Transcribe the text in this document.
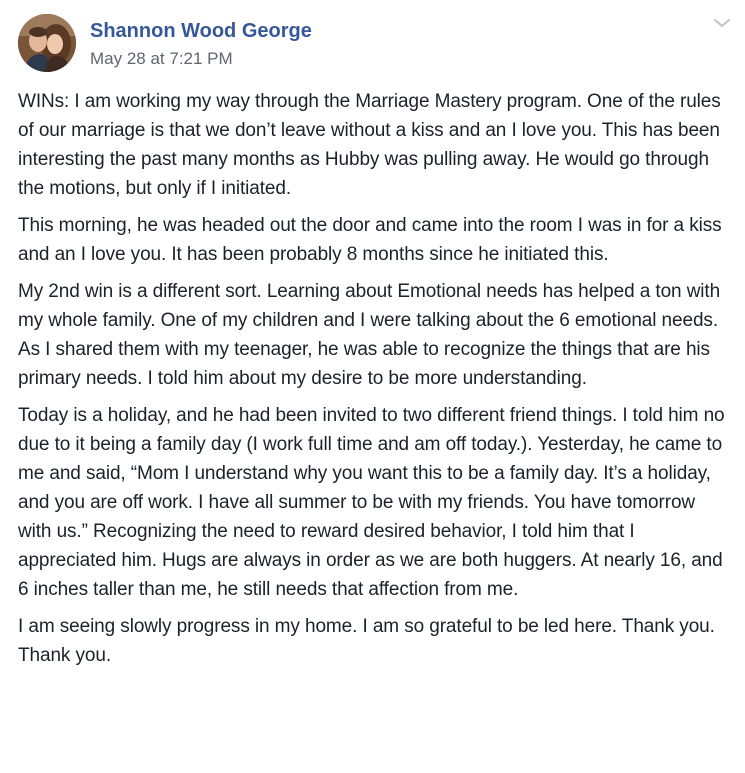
Shannon Wood George
May 28 at 7:21 PM

WINs: I am working my way through the Marriage Mastery program. One of the rules of our marriage is that we don’t leave without a kiss and an I love you. This has been interesting the past many months as Hubby was pulling away. He would go through the motions, but only if I initiated.

This morning, he was headed out the door and came into the room I was in for a kiss and an I love you. It has been probably 8 months since he initiated this.

My 2nd win is a different sort. Learning about Emotional needs has helped a ton with my whole family. One of my children and I were talking about the 6 emotional needs. As I shared them with my teenager, he was able to recognize the things that are his primary needs. I told him about my desire to be more understanding.

Today is a holiday, and he had been invited to two different friend things. I told him no due to it being a family day (I work full time and am off today.). Yesterday, he came to me and said, “Mom I understand why you want this to be a family day. It’s a holiday, and you are off work. I have all summer to be with my friends. You have tomorrow with us.” Recognizing the need to reward desired behavior, I told him that I appreciated him. Hugs are always in order as we are both huggers. At nearly 16, and 6 inches taller than me, he still needs that affection from me.

I am seeing slowly progress in my home. I am so grateful to be led here. Thank you. Thank you.
